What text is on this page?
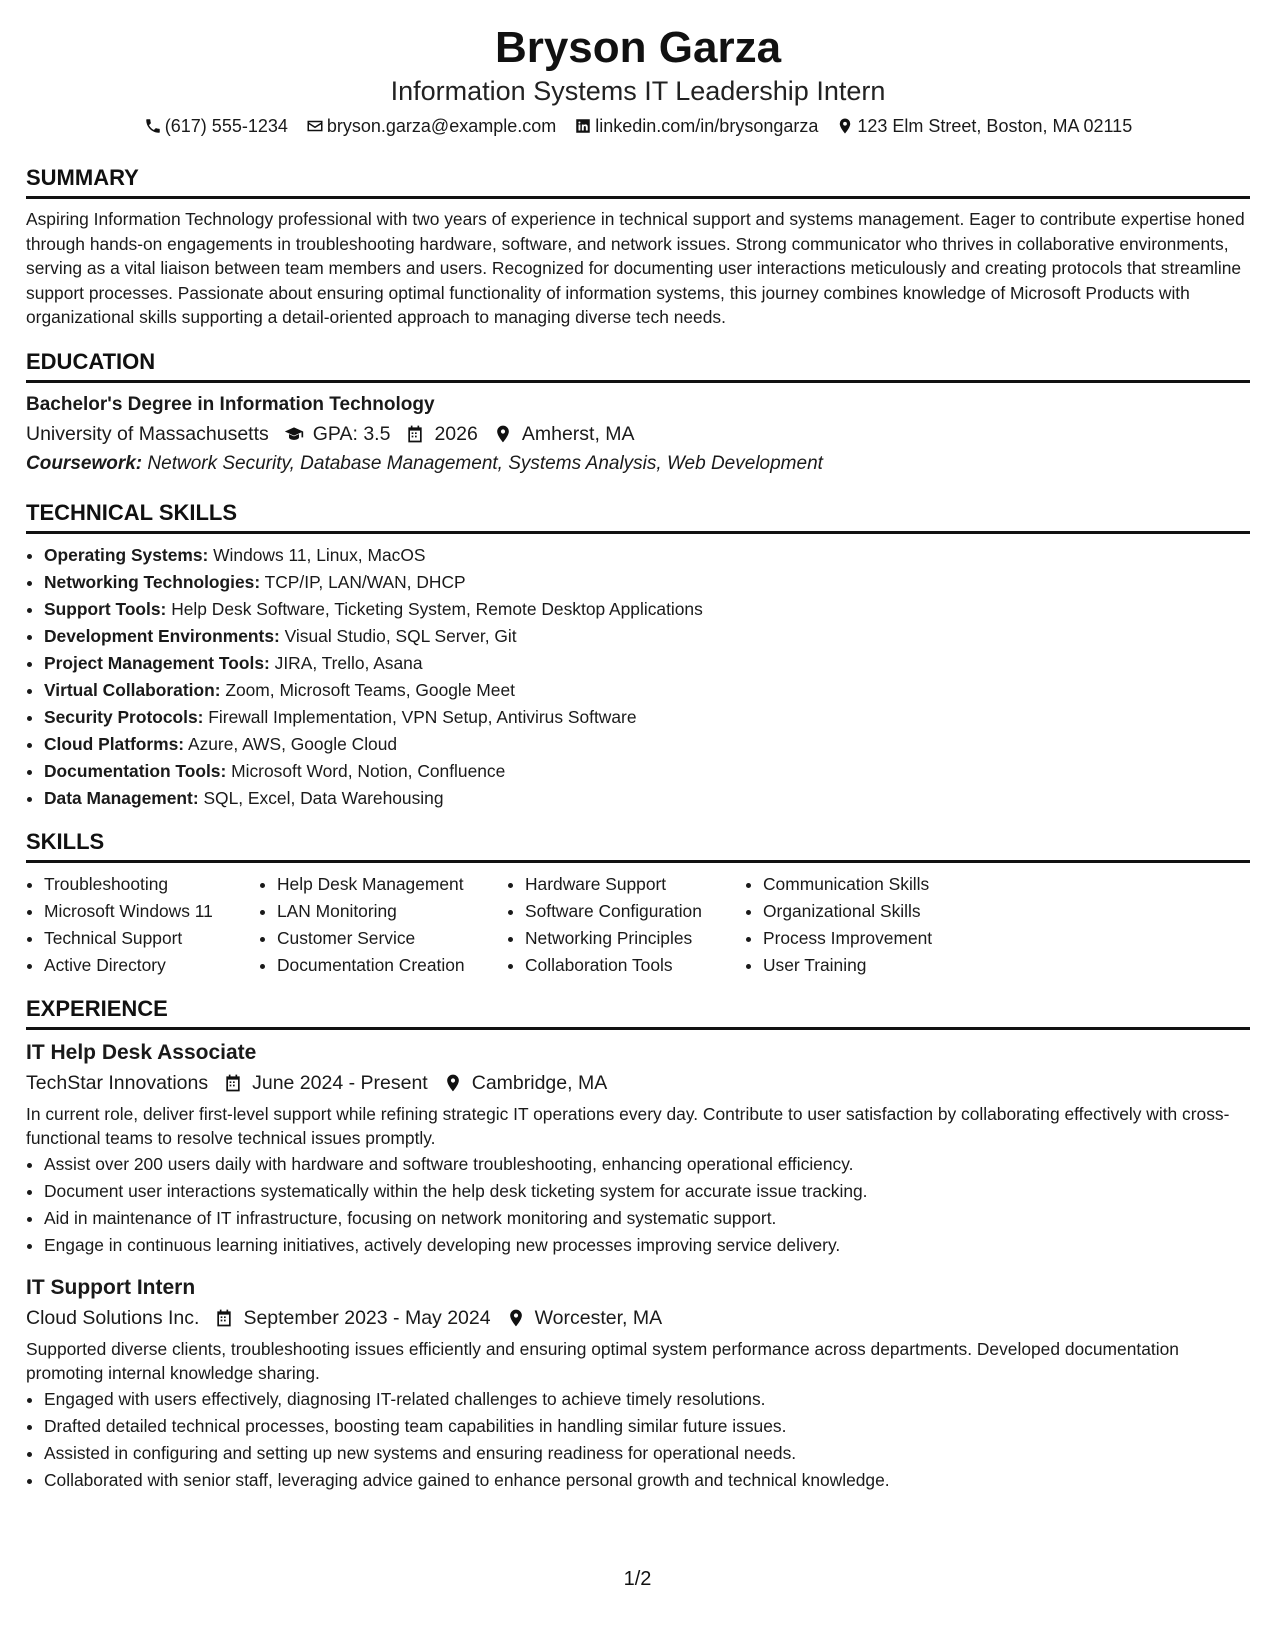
Bryson Garza
Information Systems IT Leadership Intern
(617) 555-1234 bryson.garza@example.com linkedin.com/in/brysongarza 123 Elm Street, Boston, MA 02115
SUMMARY
Aspiring Information Technology professional with two years of experience in technical support and systems management. Eager to contribute expertise honed through hands-on engagements in troubleshooting hardware, software, and network issues. Strong communicator who thrives in collaborative environments, serving as a vital liaison between team members and users. Recognized for documenting user interactions meticulously and creating protocols that streamline support processes. Passionate about ensuring optimal functionality of information systems, this journey combines knowledge of Microsoft Products with organizational skills supporting a detail-oriented approach to managing diverse tech needs.
EDUCATION
Bachelor's Degree in Information Technology
University of Massachusetts GPA: 3.5 2026 Amherst, MA
Coursework: Network Security, Database Management, Systems Analysis, Web Development
TECHNICAL SKILLS
• Operating Systems: Windows 11, Linux, MacOS
• Networking Technologies: TCP/IP, LAN/WAN, DHCP
• Support Tools: Help Desk Software, Ticketing System, Remote Desktop Applications
• Development Environments: Visual Studio, SQL Server, Git
• Project Management Tools: JIRA, Trello, Asana
• Virtual Collaboration: Zoom, Microsoft Teams, Google Meet
• Security Protocols: Firewall Implementation, VPN Setup, Antivirus Software
• Cloud Platforms: Azure, AWS, Google Cloud
• Documentation Tools: Microsoft Word, Notion, Confluence
• Data Management: SQL, Excel, Data Warehousing
SKILLS
• Troubleshooting
• Microsoft Windows 11
• Technical Support
• Active Directory
• Help Desk Management
• LAN Monitoring
• Customer Service
• Documentation Creation
• Hardware Support
• Software Configuration
• Networking Principles
• Collaboration Tools
• Communication Skills
• Organizational Skills
• Process Improvement
• User Training
EXPERIENCE
IT Help Desk Associate
TechStar Innovations June 2024 - Present Cambridge, MA
In current role, deliver first-level support while refining strategic IT operations every day. Contribute to user satisfaction by collaborating effectively with cross-functional teams to resolve technical issues promptly.
• Assist over 200 users daily with hardware and software troubleshooting, enhancing operational efficiency.
• Document user interactions systematically within the help desk ticketing system for accurate issue tracking.
• Aid in maintenance of IT infrastructure, focusing on network monitoring and systematic support.
• Engage in continuous learning initiatives, actively developing new processes improving service delivery.
IT Support Intern
Cloud Solutions Inc. September 2023 - May 2024 Worcester, MA
Supported diverse clients, troubleshooting issues efficiently and ensuring optimal system performance across departments. Developed documentation promoting internal knowledge sharing.
• Engaged with users effectively, diagnosing IT-related challenges to achieve timely resolutions.
• Drafted detailed technical processes, boosting team capabilities in handling similar future issues.
• Assisted in configuring and setting up new systems and ensuring readiness for operational needs.
• Collaborated with senior staff, leveraging advice gained to enhance personal growth and technical knowledge.
1/2
